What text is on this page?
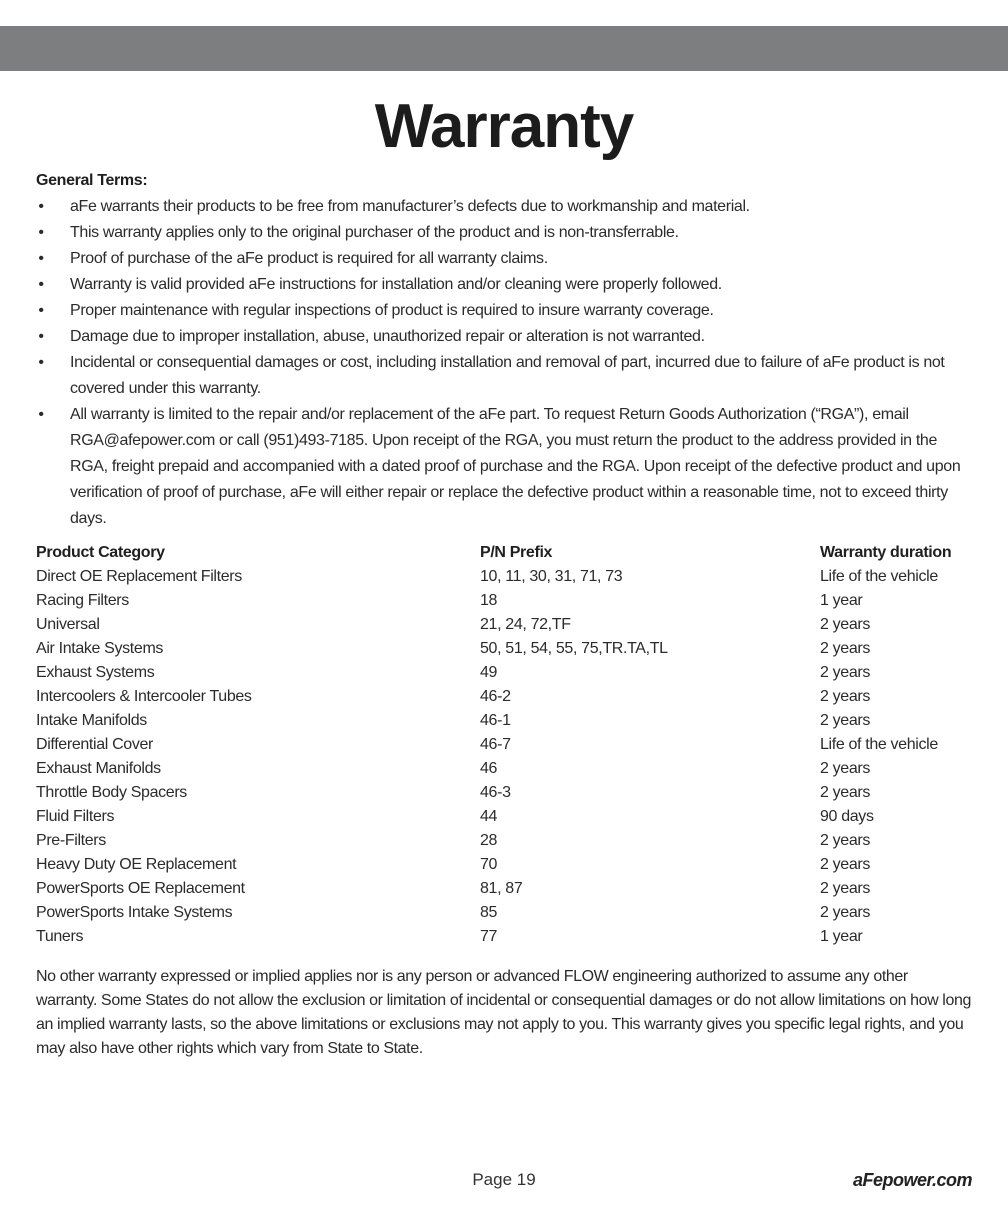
Warranty
General Terms:
• aFe warrants their products to be free from manufacturer’s defects due to workmanship and material.
• This warranty applies only to the original purchaser of the product and is non-transferrable.
• Proof of purchase of the aFe product is required for all warranty claims.
• Warranty is valid provided aFe instructions for installation and/or cleaning were properly followed.
• Proper maintenance with regular inspections of product is required to insure warranty coverage.
• Damage due to improper installation, abuse, unauthorized repair or alteration is not warranted.
• Incidental or consequential damages or cost, including installation and removal of part, incurred due to failure of aFe product is not covered under this warranty.
• All warranty is limited to the repair and/or replacement of the aFe part. To request Return Goods Authorization (“RGA”), email RGA@afepower.com or call (951)493-7185. Upon receipt of the RGA, you must return the product to the address provided in the RGA, freight prepaid and accompanied with a dated proof of purchase and the RGA. Upon receipt of the defective product and upon verification of proof of purchase, aFe will either repair or replace the defective product within a reasonable time, not to exceed thirty days.
Product Category	P/N Prefix	Warranty duration
Direct OE Replacement Filters	10, 11, 30, 31, 71, 73	Life of the vehicle
Racing Filters	18	1 year
Universal	21, 24, 72,TF	2 years
Air Intake Systems	50, 51, 54, 55, 75,TR.TA,TL	2 years
Exhaust Systems	49	2 years
Intercoolers & Intercooler Tubes	46-2	2 years
Intake Manifolds	46-1	2 years
Differential Cover	46-7	Life of the vehicle
Exhaust Manifolds	46	2 years
Throttle Body Spacers	46-3	2 years
Fluid Filters	44	90 days
Pre-Filters	28	2 years
Heavy Duty OE Replacement	70	2 years
PowerSports OE Replacement	81, 87	2 years
PowerSports Intake Systems	85	2 years
Tuners	77	1 year

No other warranty expressed or implied applies nor is any person or advanced FLOW engineering authorized to assume any other warranty. Some States do not allow the exclusion or limitation of incidental or consequential damages or do not allow limitations on how long an implied warranty lasts, so the above limitations or exclusions may not apply to you. This warranty gives you specific legal rights, and you may also have other rights which vary from State to State.

Page 19	aFepower.com
